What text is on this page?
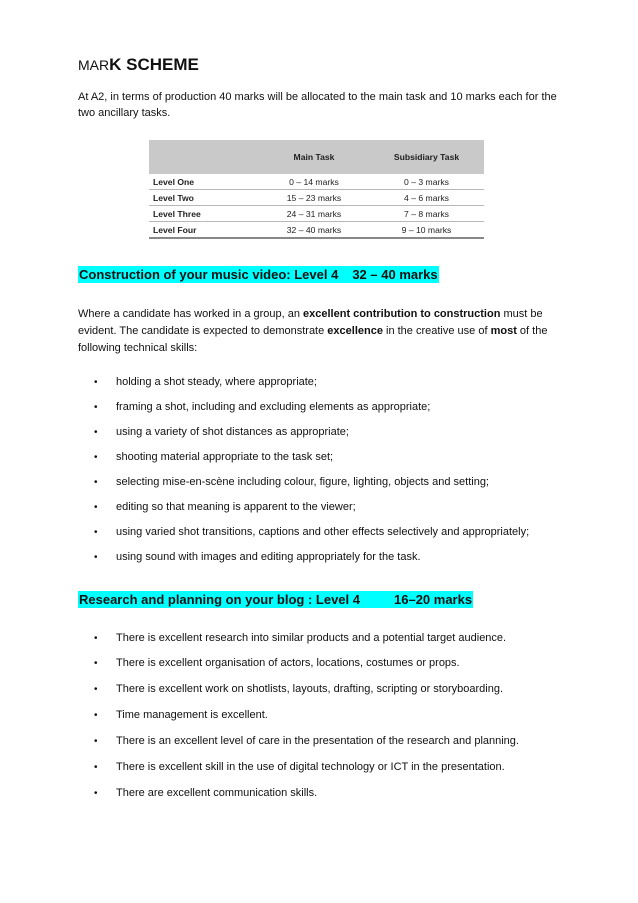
MARK SCHEME
At A2, in terms of production 40 marks will be allocated to the main task and 10 marks each for the two ancillary tasks.
	Main Task	Subsidiary Task
Level One	0 – 14 marks	0 – 3 marks
Level Two	15 – 23 marks	4 – 6 marks
Level Three	24 – 31 marks	7 – 8 marks
Level Four	32 – 40 marks	9 – 10 marks
Construction of your music video: Level 4 32 – 40 marks
Where a candidate has worked in a group, an excellent contribution to construction must be evident. The candidate is expected to demonstrate excellence in the creative use of most of the following technical skills:
• holding a shot steady, where appropriate;
• framing a shot, including and excluding elements as appropriate;
• using a variety of shot distances as appropriate;
• shooting material appropriate to the task set;
• selecting mise-en-scène including colour, figure, lighting, objects and setting;
• editing so that meaning is apparent to the viewer;
• using varied shot transitions, captions and other effects selectively and appropriately;
• using sound with images and editing appropriately for the task.
Research and planning on your blog : Level 4	16–20 marks
• There is excellent research into similar products and a potential target audience.
• There is excellent organisation of actors, locations, costumes or props.
• There is excellent work on shotlists, layouts, drafting, scripting or storyboarding.
• Time management is excellent.
• There is an excellent level of care in the presentation of the research and planning.
• There is excellent skill in the use of digital technology or ICT in the presentation.
• There are excellent communication skills.
